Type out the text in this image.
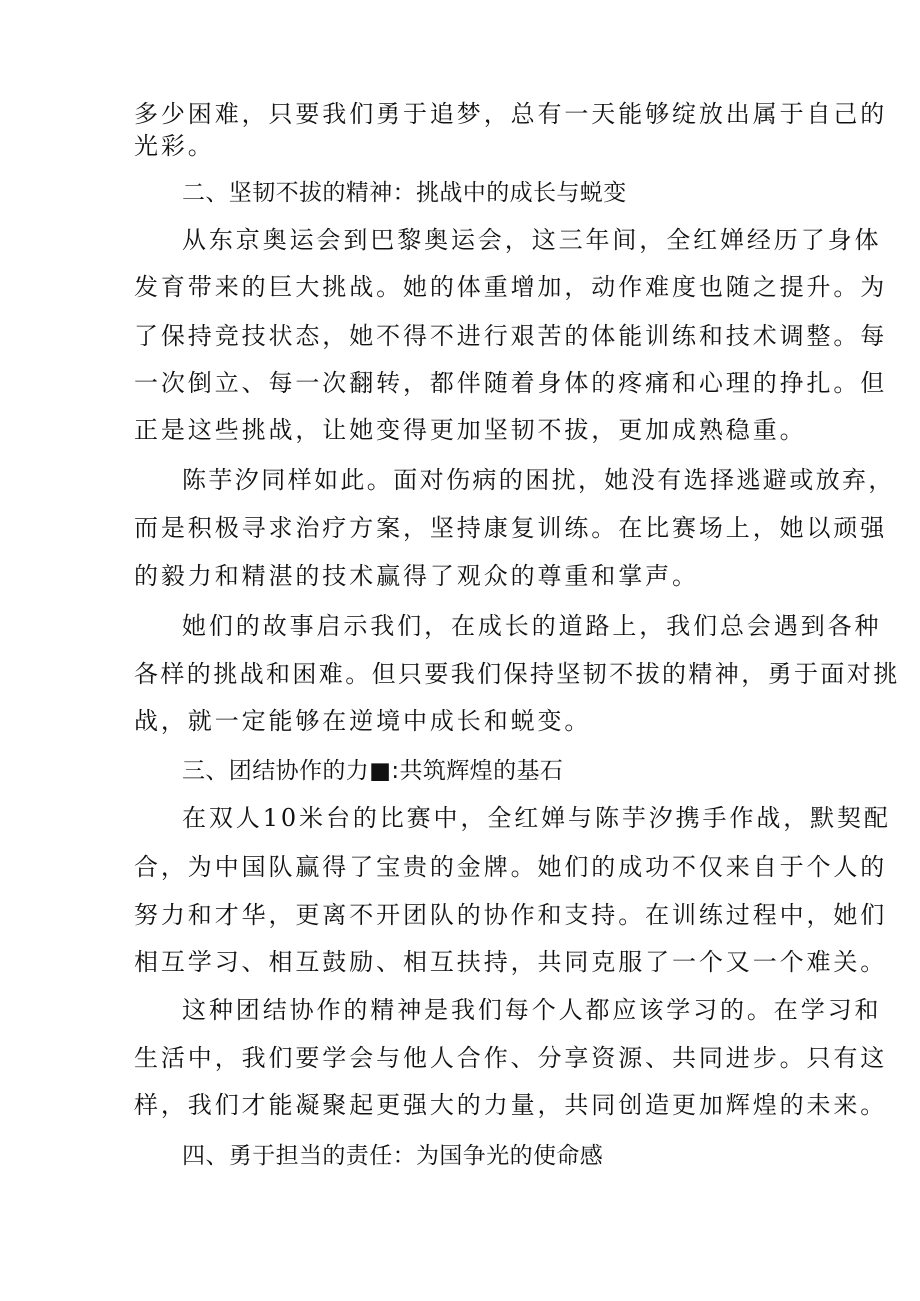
多少困难，只要我们勇于追梦，总有一天能够绽放出属于自己的
光彩。
二、坚韧不拔的精神：挑战中的成长与蜕变
从东京奥运会到巴黎奥运会，这三年间，全红婵经历了身体
发育带来的巨大挑战。她的体重增加，动作难度也随之提升。为
了保持竞技状态，她不得不进行艰苦的体能训练和技术调整。每
一次倒立、每一次翻转，都伴随着身体的疼痛和心理的挣扎。但
正是这些挑战，让她变得更加坚韧不拔，更加成熟稳重。
陈芋汐同样如此。面对伤病的困扰，她没有选择逃避或放弃，
而是积极寻求治疗方案，坚持康复训练。在比赛场上，她以顽强
的毅力和精湛的技术赢得了观众的尊重和掌声。
她们的故事启示我们，在成长的道路上，我们总会遇到各种
各样的挑战和困难。但只要我们保持坚韧不拔的精神，勇于面对挑
战，就一定能够在逆境中成长和蜕变。
三、团结协作的力■:共筑辉煌的基石
在双人10米台的比赛中，全红婵与陈芋汐携手作战，默契配
合，为中国队赢得了宝贵的金牌。她们的成功不仅来自于个人的
努力和才华，更离不开团队的协作和支持。在训练过程中，她们
相互学习、相互鼓励、相互扶持，共同克服了一个又一个难关。
这种团结协作的精神是我们每个人都应该学习的。在学习和
生活中，我们要学会与他人合作、分享资源、共同进步。只有这
样，我们才能凝聚起更强大的力量，共同创造更加辉煌的未来。
四、勇于担当的责任：为国争光的使命感
